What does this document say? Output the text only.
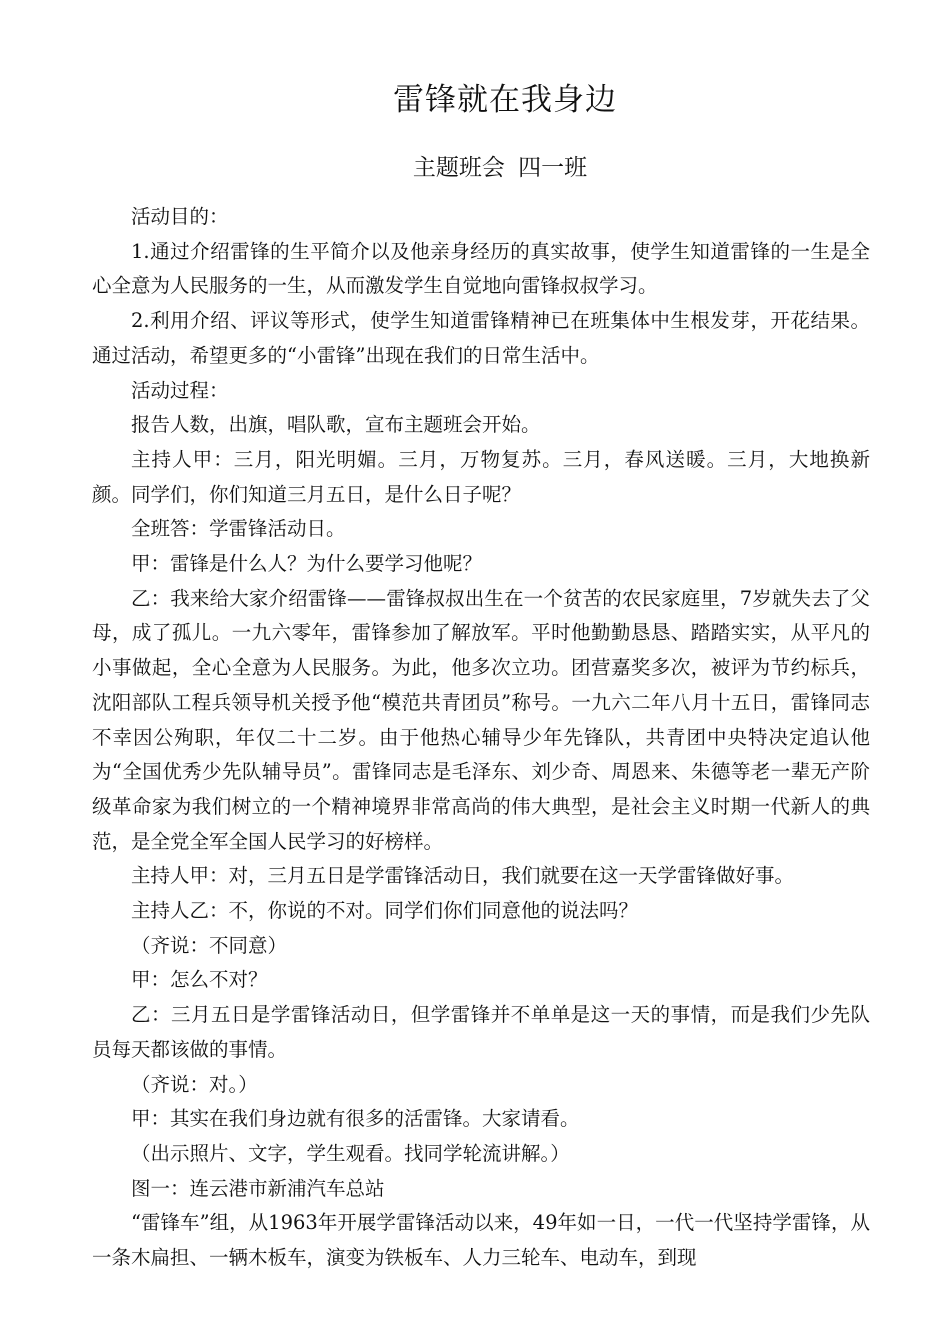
雷锋就在我身边
主题班会 四一班

活动目的：

1.通过介绍雷锋的生平简介以及他亲身经历的真实故事，使学生知道雷锋的一生是全心全意为人民服务的一生，从而激发学生自觉地向雷锋叔叔学习。

2.利用介绍、评议等形式，使学生知道雷锋精神已在班集体中生根发芽，开花结果。通过活动，希望更多的“小雷锋”出现在我们的日常生活中。

活动过程：

报告人数，出旗，唱队歌，宣布主题班会开始。

主持人甲：三月，阳光明媚。三月，万物复苏。三月，春风送暖。三月，大地换新颜。同学们，你们知道三月五日，是什么日子呢？

全班答：学雷锋活动日。

甲：雷锋是什么人？为什么要学习他呢？

乙：我来给大家介绍雷锋——雷锋叔叔出生在一个贫苦的农民家庭里，7岁就失去了父母，成了孤儿。一九六零年，雷锋参加了解放军。平时他勤勤恳恳、踏踏实实，从平凡的小事做起，全心全意为人民服务。为此，他多次立功。团营嘉奖多次，被评为节约标兵，沈阳部队工程兵领导机关授予他“模范共青团员”称号。一九六二年八月十五日，雷锋同志不幸因公殉职，年仅二十二岁。由于他热心辅导少年先锋队，共青团中央特决定追认他为“全国优秀少先队辅导员”。雷锋同志是毛泽东、刘少奇、周恩来、朱德等老一辈无产阶级革命家为我们树立的一个精神境界非常高尚的伟大典型，是社会主义时期一代新人的典范，是全党全军全国人民学习的好榜样。

主持人甲：对，三月五日是学雷锋活动日，我们就要在这一天学雷锋做好事。

主持人乙：不，你说的不对。同学们你们同意他的说法吗？

（齐说：不同意）

甲：怎么不对？

乙：三月五日是学雷锋活动日，但学雷锋并不单单是这一天的事情，而是我们少先队员每天都该做的事情。

（齐说：对。）

甲：其实在我们身边就有很多的活雷锋。大家请看。

（出示照片、文字，学生观看。找同学轮流讲解。）

图一：连云港市新浦汽车总站

“雷锋车”组，从1963年开展学雷锋活动以来，49年如一日，一代一代坚持学雷锋，从一条木扁担、一辆木板车，演变为铁板车、人力三轮车、电动车，到现
